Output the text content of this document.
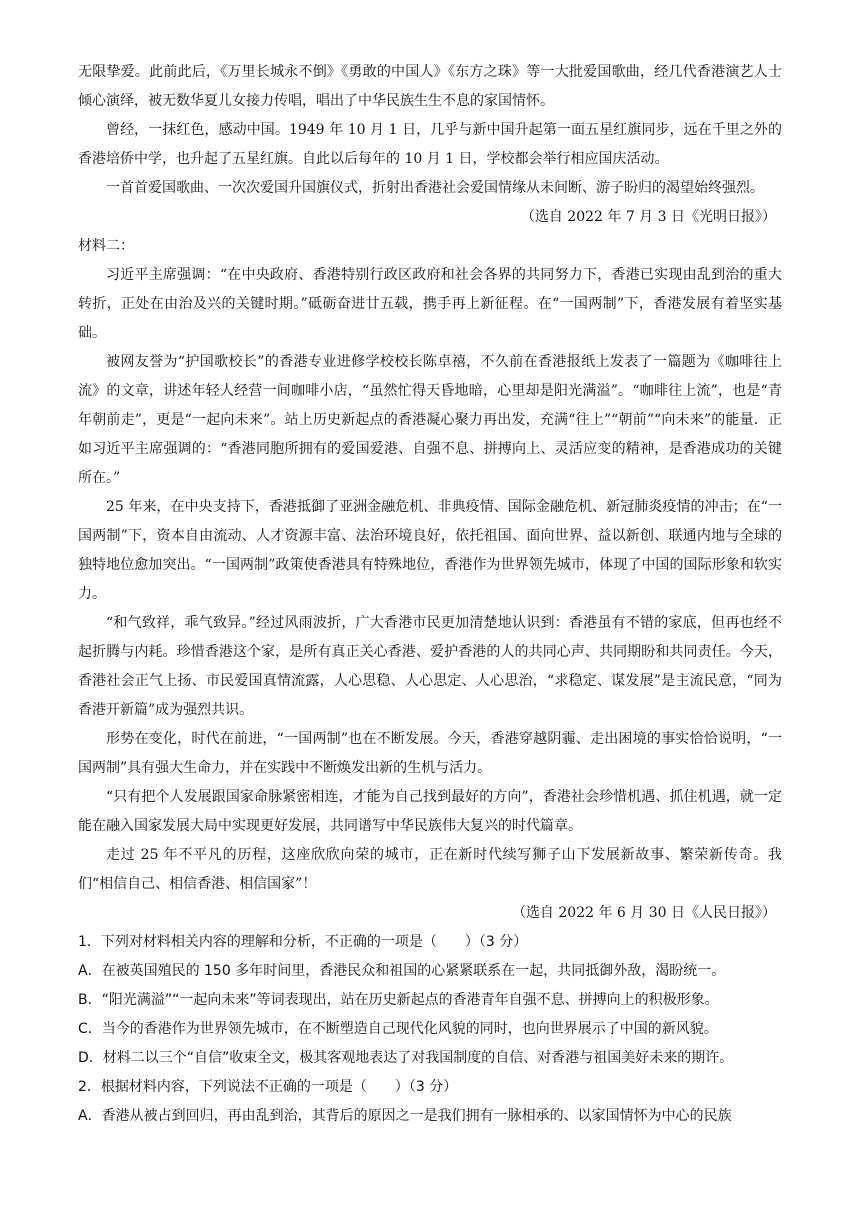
无限挚爱。此前此后，《万里长城永不倒》《勇敢的中国人》《东方之珠》等一大批爱国歌曲，经几代香港演艺人士倾心演绎，被无数华夏儿女接力传唱，唱出了中华民族生生不息的家国情怀。

曾经，一抹红色，感动中国。1949 年 10 月 1 日，几乎与新中国升起第一面五星红旗同步，远在千里之外的香港培侨中学，也升起了五星红旗。自此以后每年的 10 月 1 日，学校都会举行相应国庆活动。

一首首爱国歌曲、一次次爱国升国旗仪式，折射出香港社会爱国情缘从未间断、游子盼归的渴望始终强烈。

（选自 2022 年 7 月 3 日《光明日报》）

材料二：

习近平主席强调：“在中央政府、香港特别行政区政府和社会各界的共同努力下，香港已实现由乱到治的重大转折，正处在由治及兴的关键时期。”砥砺奋进廿五载，携手再上新征程。在“一国两制”下，香港发展有着坚实基础。

被网友誉为“护国歌校长”的香港专业进修学校校长陈卓禧，不久前在香港报纸上发表了一篇题为《咖啡往上流》的文章，讲述年轻人经营一间咖啡小店，“虽然忙得天昏地暗，心里却是阳光满溢”。“咖啡往上流”，也是“青年朝前走”，更是“一起向未来”。站上历史新起点的香港凝心聚力再出发，充满“往上”“朝前”“向未来”的能量．正如习近平主席强调的：“香港同胞所拥有的爱国爱港、自强不息、拼搏向上、灵活应变的精神，是香港成功的关键所在。”

25 年来，在中央支持下，香港抵御了亚洲金融危机、非典疫情、国际金融危机、新冠肺炎疫情的冲击；在“一国两制”下，资本自由流动、人才资源丰富、法治环境良好，依托祖国、面向世界、益以新创、联通内地与全球的独特地位愈加突出。“一国两制”政策使香港具有特殊地位，香港作为世界领先城市，体现了中国的国际形象和软实力。

“和气致祥，乖气致异。”经过风雨波折，广大香港市民更加清楚地认识到：香港虽有不错的家底，但再也经不起折腾与内耗。珍惜香港这个家，是所有真正关心香港、爱护香港的人的共同心声、共同期盼和共同责任。今天，香港社会正气上扬、市民爱国真情流露，人心思稳、人心思定、人心思治，“求稳定、谋发展”是主流民意，“同为香港开新篇”成为强烈共识。

形势在变化，时代在前进，“一国两制”也在不断发展。今天，香港穿越阴霾、走出困境的事实恰恰说明，“一国两制”具有强大生命力，并在实践中不断焕发出新的生机与活力。

“只有把个人发展跟国家命脉紧密相连，才能为自己找到最好的方向”，香港社会珍惜机遇、抓住机遇，就一定能在融入国家发展大局中实现更好发展，共同谱写中华民族伟大复兴的时代篇章。

走过 25 年不平凡的历程，这座欣欣向荣的城市，正在新时代续写狮子山下发展新故事、繁荣新传奇。我们“相信自己、相信香港、相信国家”！

（选自 2022 年 6 月 30 日《人民日报》）

1．下列对材料相关内容的理解和分析，不正确的一项是（　　）（3 分）

A．在被英国殖民的 150 多年时间里，香港民众和祖国的心紧紧联系在一起，共同抵御外敌，渴盼统一。

B．“阳光满溢”“一起向未来”等词表现出，站在历史新起点的香港青年自强不息、拼搏向上的积极形象。

C．当今的香港作为世界领先城市，在不断塑造自己现代化风貌的同时，也向世界展示了中国的新风貌。

D．材料二以三个“自信”收束全文，极其客观地表达了对我国制度的自信、对香港与祖国美好未来的期许。

2．根据材料内容，下列说法不正确的一项是（　　）（3 分）

A．香港从被占到回归，再由乱到治，其背后的原因之一是我们拥有一脉相承的、以家国情怀为中心的民族
